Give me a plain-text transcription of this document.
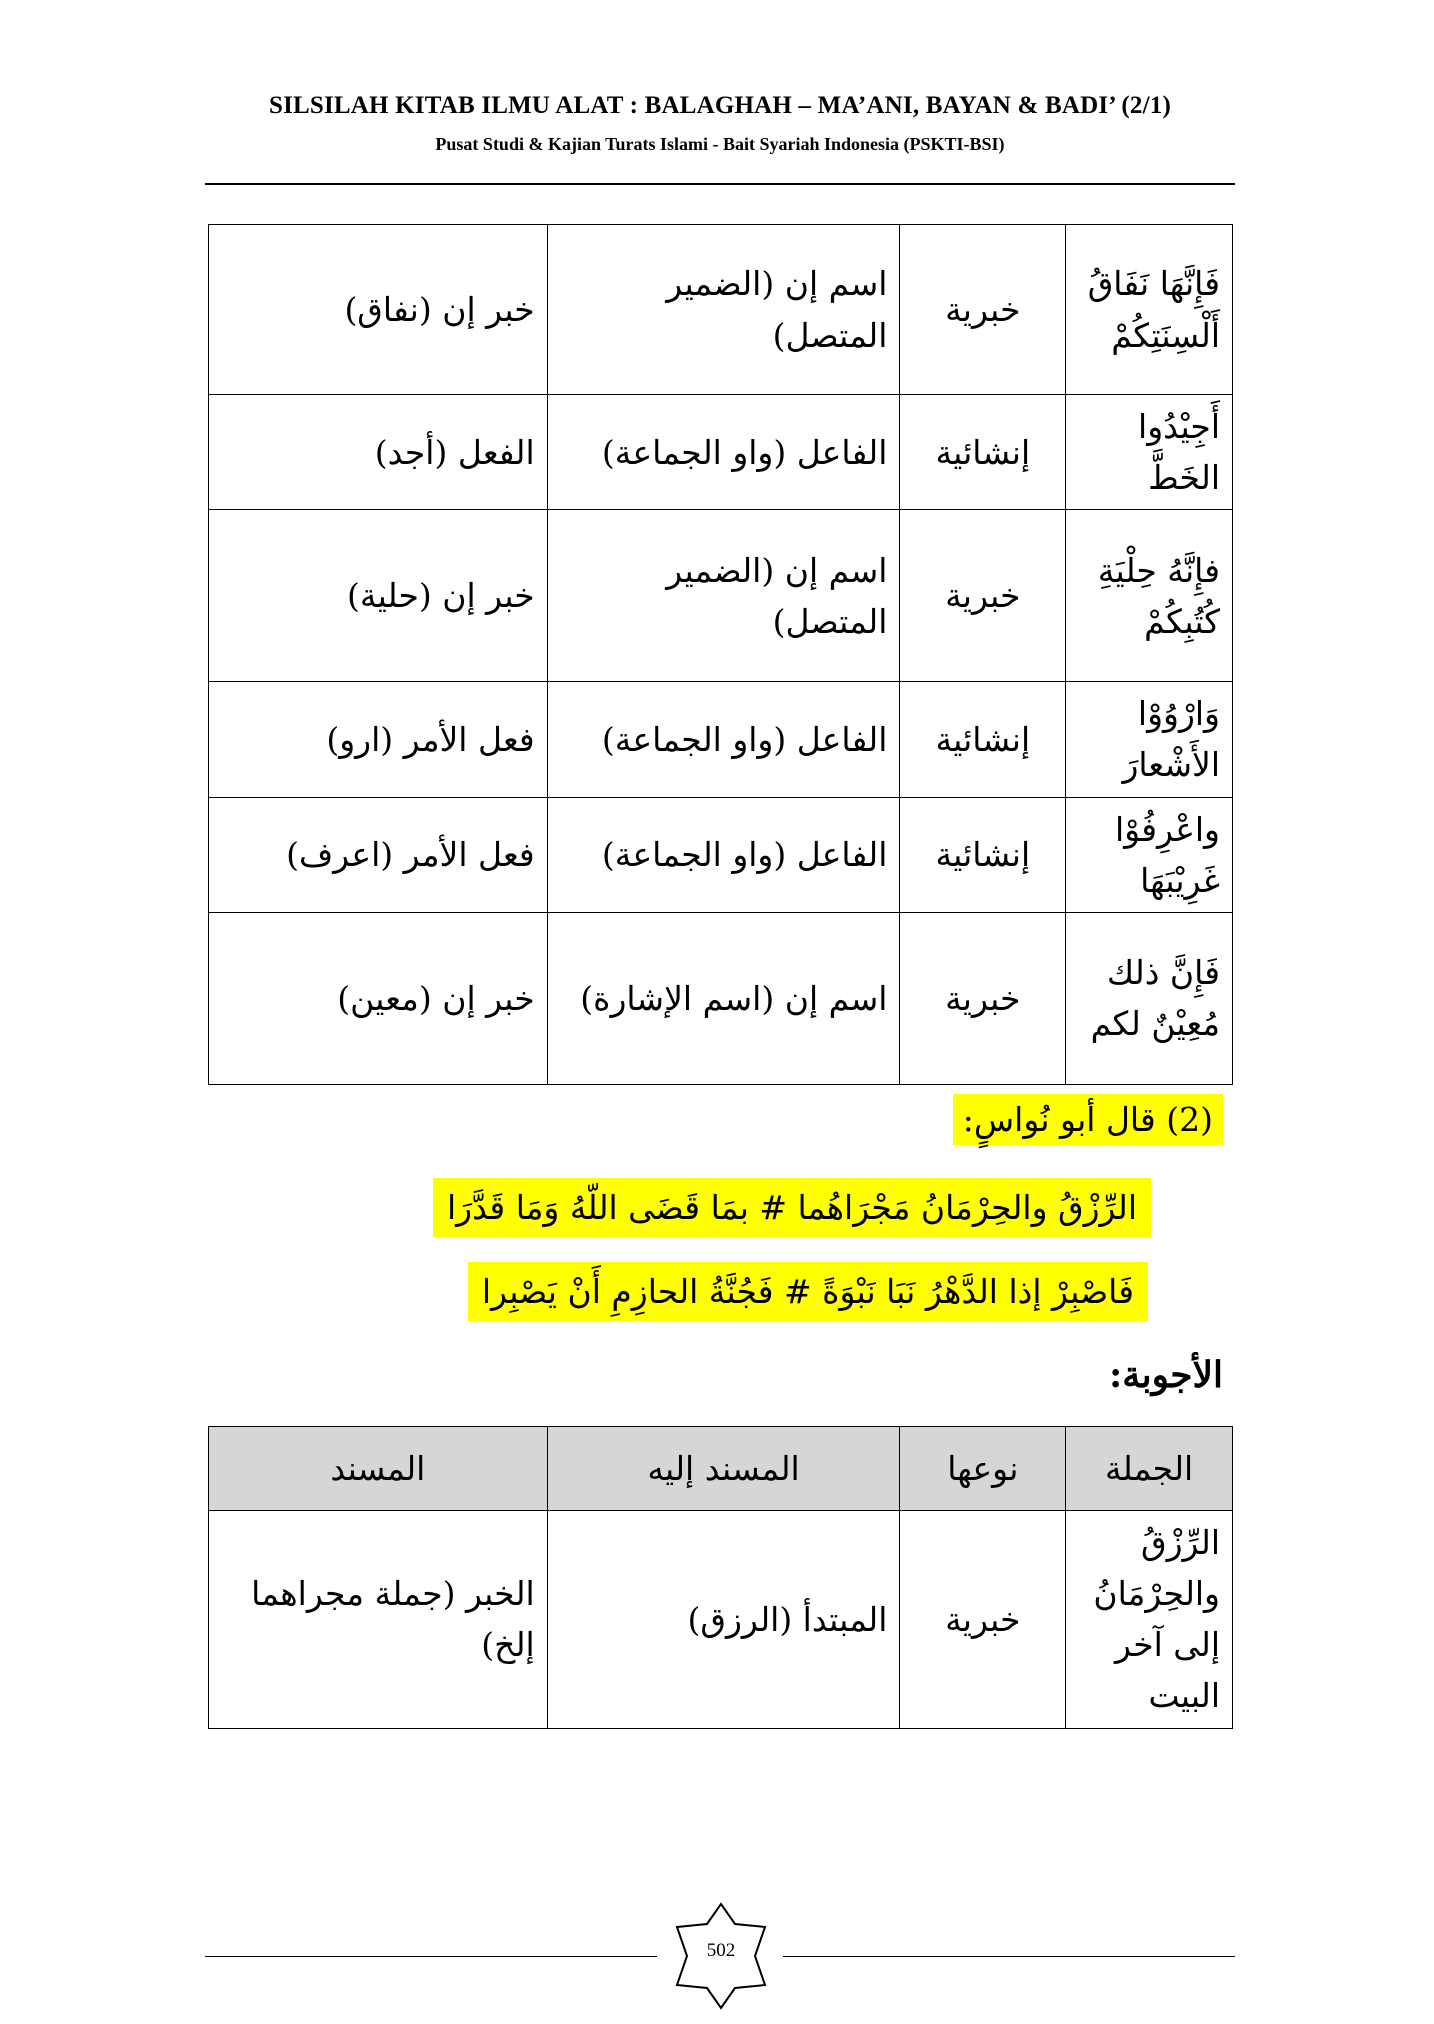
SILSILAH KITAB ILMU ALAT : BALAGHAH – MA’ANI, BAYAN & BADI’ (2/1)
Pusat Studi & Kajian Turats Islami - Bait Syariah Indonesia (PSKTI-BSI)
فَإِنَّهَا نَفَاقُ أَلْسِنَتِكُمْ	خبرية	اسم إن (الضمير المتصل)	خبر إن (نفاق)
أَجِيْدُوا الخَطَّ	إنشائية	الفاعل (واو الجماعة)	الفعل (أجد)
فإِنَّهُ حِلْيَةِ كُتُبِكُمْ	خبرية	اسم إن (الضمير المتصل)	خبر إن (حلية)
وَارْوُوْا الأَشْعارَ	إنشائية	الفاعل (واو الجماعة)	فعل الأمر (ارو)
واعْرِفُوْا غَرِيْبَهَا	إنشائية	الفاعل (واو الجماعة)	فعل الأمر (اعرف)
فَإِنَّ ذلك مُعِيْنٌ لكم	خبرية	اسم إن (اسم الإشارة)	خبر إن (معين)
(2) قال أبو نُواسٍ:
الرِّزْقُ والحِرْمَانُ مَجْرَاهُما # بمَا قَضَى اللّهُ وَمَا قَدَّرَا
فَاصْبِرْ إذا الدَّهْرُ نَبَا نَبْوَةً # فَجُنَّةُ الحازِمِ أَنْ يَصْبِرا
الأجوبة:
الجملة	نوعها	المسند إليه	المسند
الرِّزْقُ والحِرْمَانُ إلى آخر البيت	خبرية	المبتدأ (الرزق)	الخبر (جملة مجراهما إلخ)
502
